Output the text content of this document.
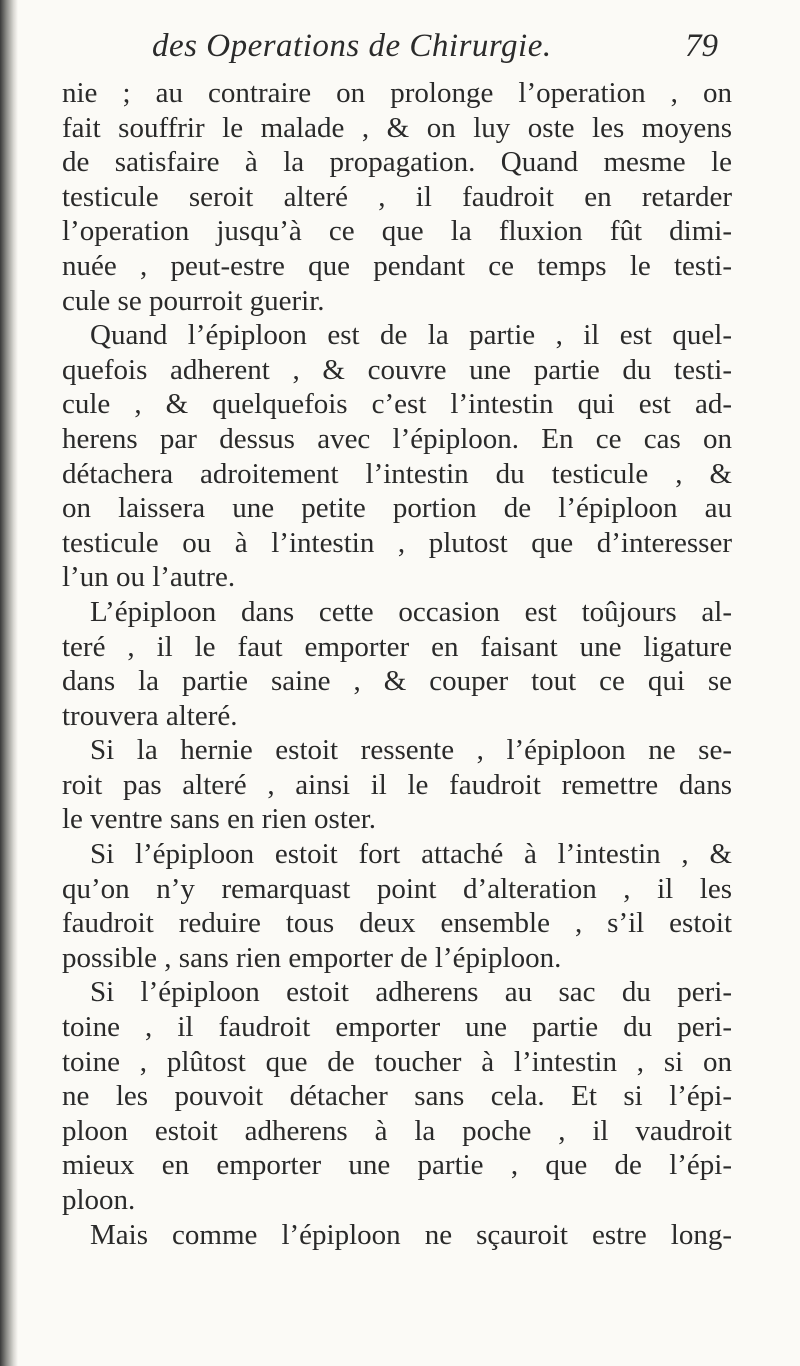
des Operations de Chirurgie.	79
nie ; au contraire on prolonge l’operation , on
fait souffrir le malade , & on luy oste les moyens
de satisfaire à la propagation. Quand mesme le
testicule seroit alteré , il faudroit en retarder
l’operation jusqu’à ce que la fluxion fût dimi-
nuée , peut-estre que pendant ce temps le testi-
cule se pourroit guerir.
Quand l’épiploon est de la partie , il est quel-
quefois adherent , & couvre une partie du testi-
cule , & quelquefois c’est l’intestin qui est ad-
herens par dessus avec l’épiploon. En ce cas on
détachera adroitement l’intestin du testicule , &
on laissera une petite portion de l’épiploon au
testicule ou à l’intestin , plutost que d’interesser
l’un ou l’autre.
L’épiploon dans cette occasion est toûjours al-
teré , il le faut emporter en faisant une ligature
dans la partie saine , & couper tout ce qui se
trouvera alteré.
Si la hernie estoit ressente , l’épiploon ne se-
roit pas alteré , ainsi il le faudroit remettre dans
le ventre sans en rien oster.
Si l’épiploon estoit fort attaché à l’intestin , &
qu’on n’y remarquast point d’alteration , il les
faudroit reduire tous deux ensemble , s’il estoit
possible , sans rien emporter de l’épiploon.
Si l’épiploon estoit adherens au sac du peri-
toine , il faudroit emporter une partie du peri-
toine , plûtost que de toucher à l’intestin , si on
ne les pouvoit détacher sans cela. Et si l’épi-
ploon estoit adherens à la poche , il vaudroit
mieux en emporter une partie , que de l’épi-
ploon.
Mais comme l’épiploon ne sçauroit estre long-
